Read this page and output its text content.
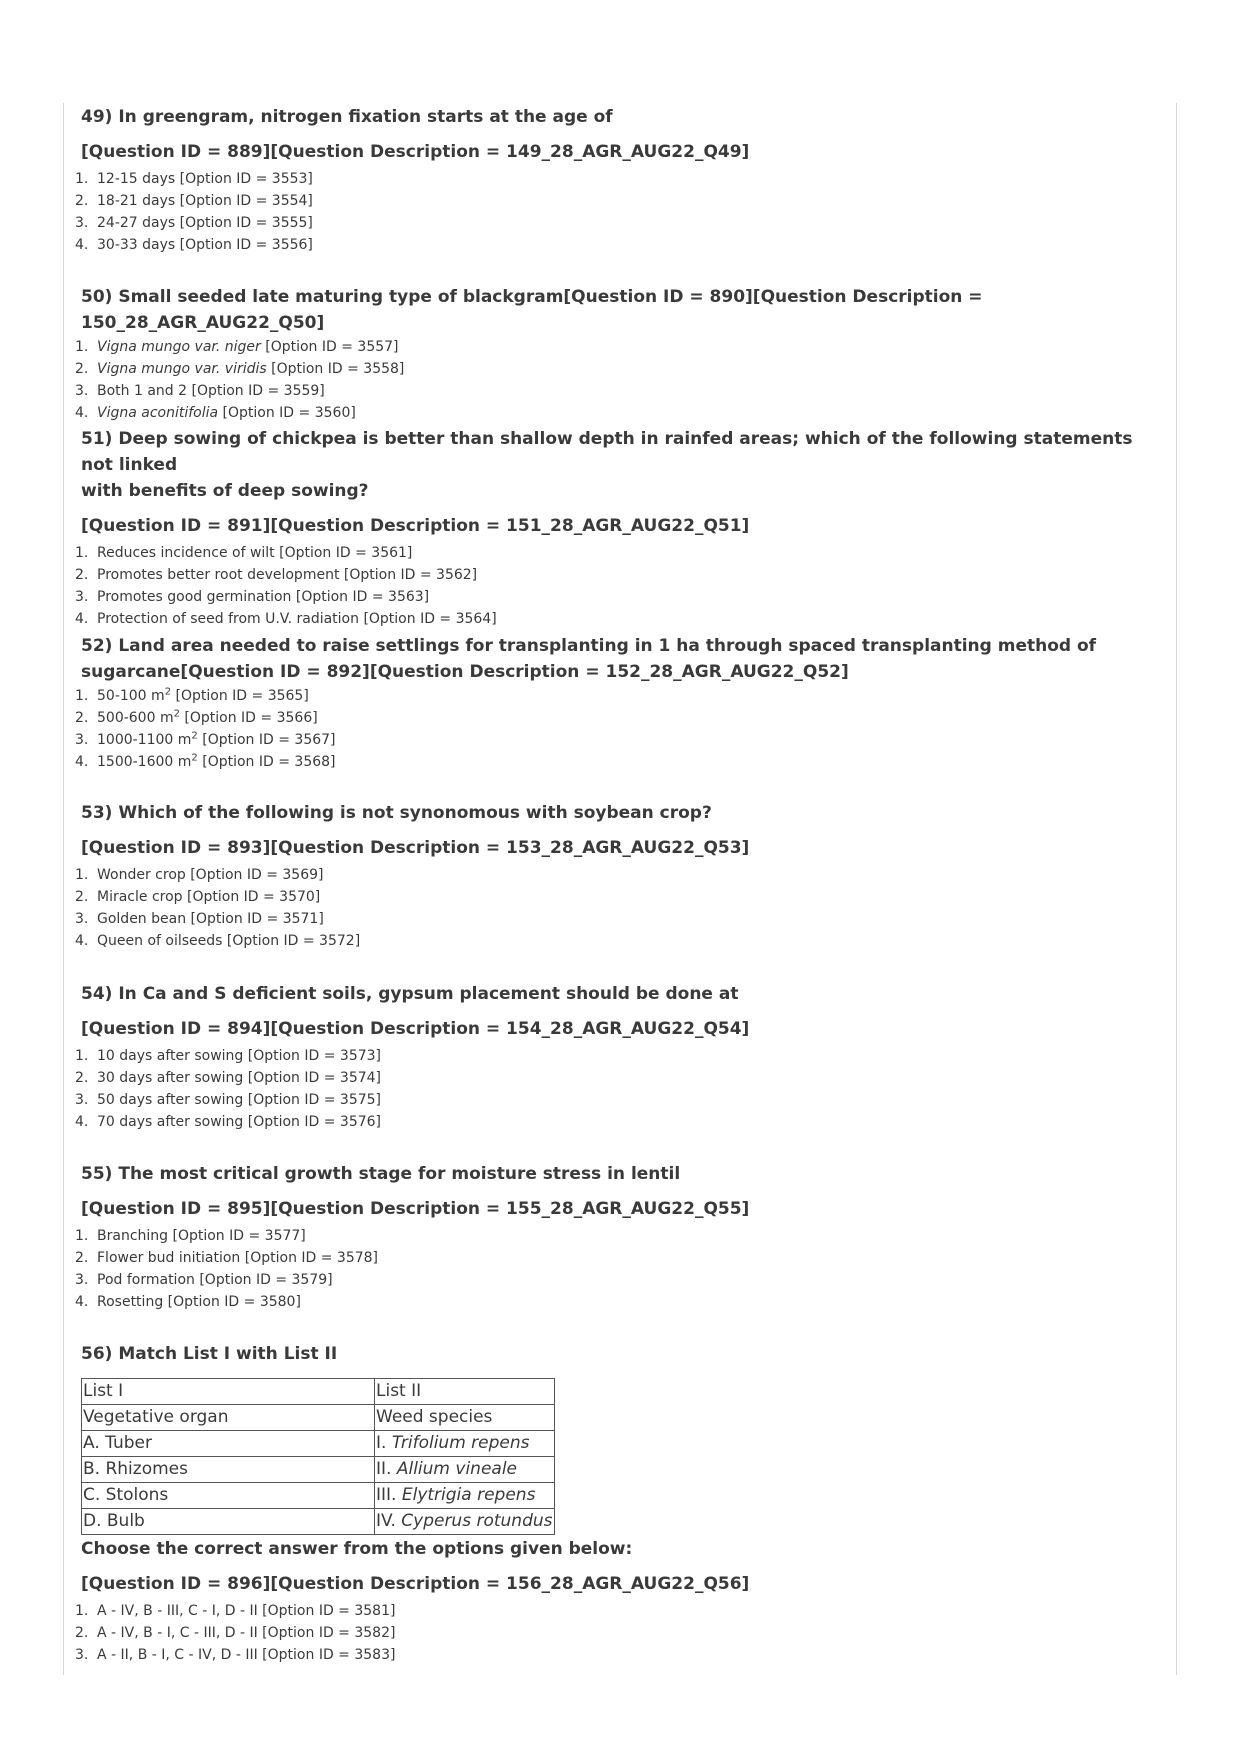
49) In greengram, nitrogen fixation starts at the age of

[Question ID = 889][Question Description = 149_28_AGR_AUG22_Q49]

1. 12-15 days [Option ID = 3553]
2. 18-21 days [Option ID = 3554]
3. 24-27 days [Option ID = 3555]
4. 30-33 days [Option ID = 3556]

50) Small seeded late maturing type of blackgram[Question ID = 890][Question Description = 150_28_AGR_AUG22_Q50]

1. Vigna mungo var. niger [Option ID = 3557]
2. Vigna mungo var. viridis [Option ID = 3558]
3. Both 1 and 2 [Option ID = 3559]
4. Vigna aconitifolia [Option ID = 3560]

51) Deep sowing of chickpea is better than shallow depth in rainfed areas; which of the following statements not linked

with benefits of deep sowing?

[Question ID = 891][Question Description = 151_28_AGR_AUG22_Q51]

1. Reduces incidence of wilt [Option ID = 3561]
2. Promotes better root development [Option ID = 3562]
3. Promotes good germination [Option ID = 3563]
4. Protection of seed from U.V. radiation [Option ID = 3564]

52) Land area needed to raise settlings for transplanting in 1 ha through spaced transplanting method of

sugarcane[Question ID = 892][Question Description = 152_28_AGR_AUG22_Q52]

1. 50-100 $m^2$ [Option ID = 3565]
2. 500-600 $m^2$ [Option ID = 3566]
3. 1000-1100 $m^2$ [Option ID = 3567]
4. 1500-1600 $m^2$ [Option ID = 3568]

53) Which of the following is not synonomous with soybean crop?

[Question ID = 893][Question Description = 153_28_AGR_AUG22_Q53]

1. Wonder crop [Option ID = 3569]
2. Miracle crop [Option ID = 3570]
3. Golden bean [Option ID = 3571]
4. Queen of oilseeds [Option ID = 3572]

54) In Ca and S deficient soils, gypsum placement should be done at

[Question ID = 894][Question Description = 154_28_AGR_AUG22_Q54]

1. 10 days after sowing [Option ID = 3573]
2. 30 days after sowing [Option ID = 3574]
3. 50 days after sowing [Option ID = 3575]
4. 70 days after sowing [Option ID = 3576]

55) The most critical growth stage for moisture stress in lentil

[Question ID = 895][Question Description = 155_28_AGR_AUG22_Q55]

1. Branching [Option ID = 3577]
2. Flower bud initiation [Option ID = 3578]
3. Pod formation [Option ID = 3579]
4. Rosetting [Option ID = 3580]

56) Match List I with List II

List I	List II
Vegetative organ	Weed species
A. Tuber	I. Trifolium repens
B. Rhizomes	II. Allium vineale
C. Stolons	III. Elytrigia repens
D. Bulb	IV. Cyperus rotundus

Choose the correct answer from the options given below:

[Question ID = 896][Question Description = 156_28_AGR_AUG22_Q56]

1. A - IV, B - III, C - I, D - II [Option ID = 3581]
2. A - IV, B - I, C - III, D - II [Option ID = 3582]
3. A - II, B - I, C - IV, D - III [Option ID = 3583]
